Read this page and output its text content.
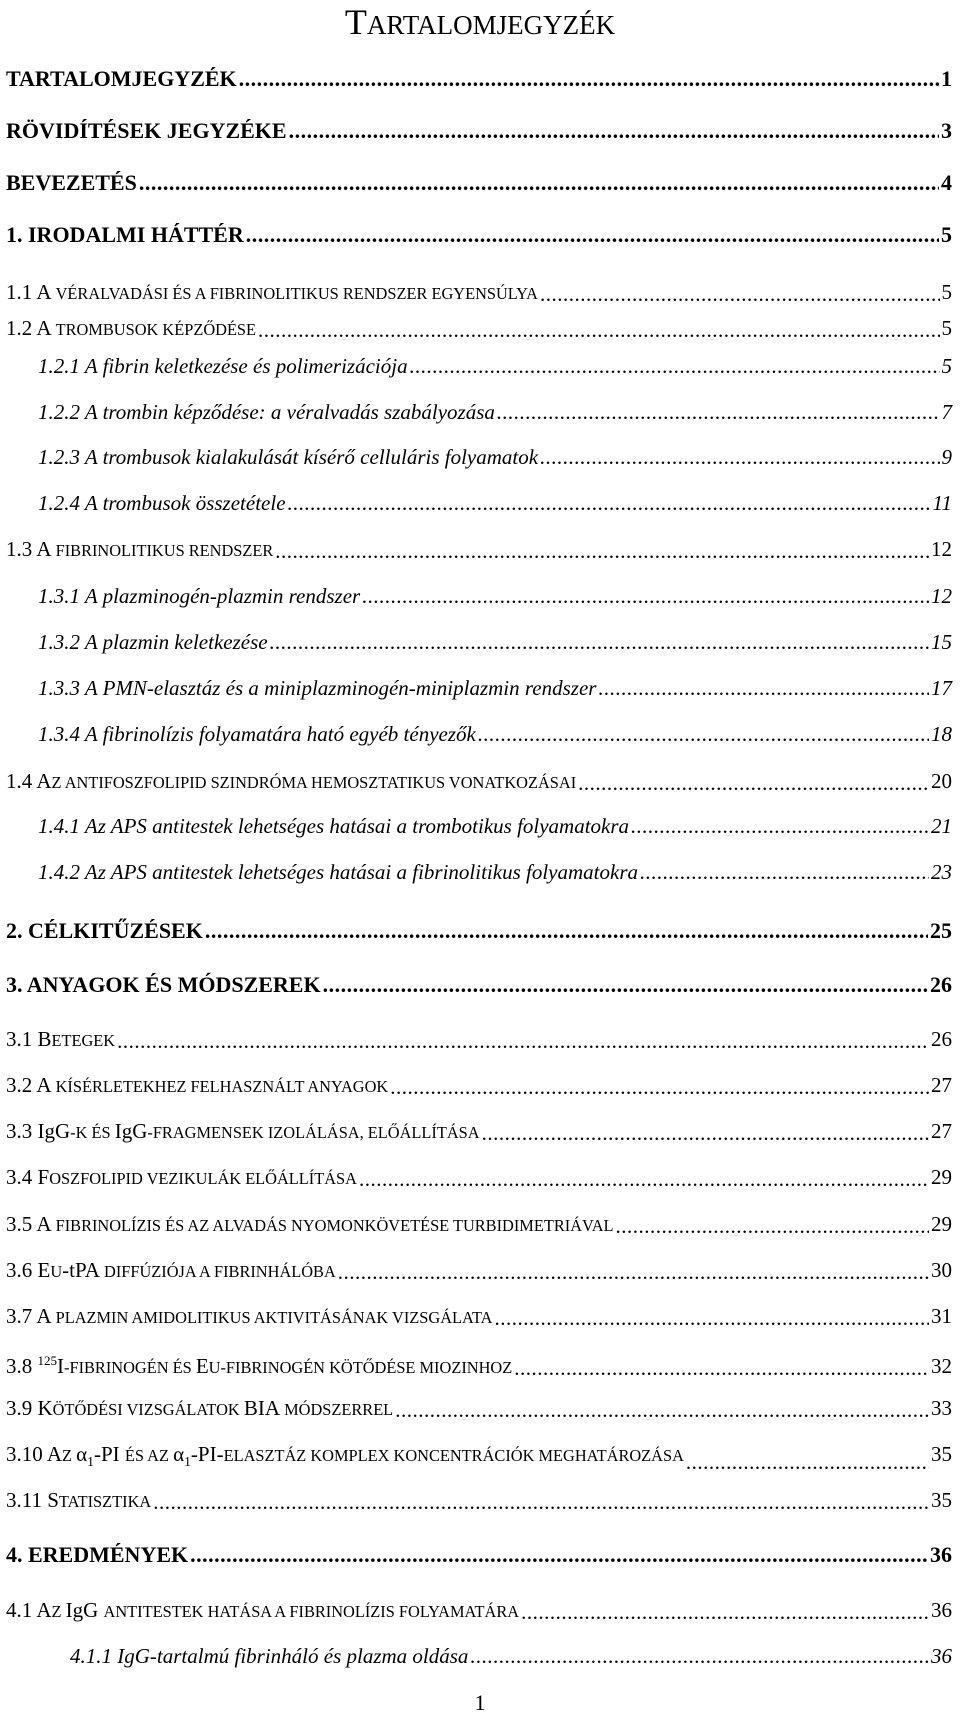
TARTALOMJEGYZÉK
TARTALOMJEGYZÉK .....	1
RÖVIDÍTÉSEK JEGYZÉKE .....	3
BEVEZETÉS .....	4
1. IRODALMI HÁTTÉR .....	5
1.1 A VÉRALVADÁSI ÉS A FIBRINOLITIKUS RENDSZER EGYENSÚLYA .....	5
1.2 A TROMBUSOK KÉPZŐDÉSE .....	5
1.2.1 A fibrin keletkezése és polimerizációja .....	5
1.2.2 A trombin képződése: a véralvadás szabályozása .....	7
1.2.3 A trombusok kialakulását kísérő celluláris folyamatok .....	9
1.2.4 A trombusok összetétele .....	11
1.3 A FIBRINOLITIKUS RENDSZER .....	12
1.3.1 A plazminogén-plazmin rendszer .....	12
1.3.2 A plazmin keletkezése .....	15
1.3.3 A PMN-elasztáz és a miniplazminogén-miniplazmin rendszer .....	17
1.3.4 A fibrinolízis folyamatára ható egyéb tényezők .....	18
1.4 AZ ANTIFOSZFOLIPID SZINDRÓMA HEMOSZTATIKUS VONATKOZÁSAI .....	20
1.4.1 Az APS antitestek lehetséges hatásai a trombotikus folyamatokra .....	21
1.4.2 Az APS antitestek lehetséges hatásai a fibrinolitikus folyamatokra .....	23
2. CÉLKITŰZÉSEK .....	25
3. ANYAGOK ÉS MÓDSZEREK .....	26
3.1 BETEGEK .....	26
3.2 A KÍSÉRLETEKHEZ FELHASZNÁLT ANYAGOK .....	27
3.3 IgG-K ÉS IgG-FRAGMENSEK IZOLÁLÁSA, ELŐÁLLÍTÁSA .....	27
3.4 FOSZFOLIPID VEZIKULÁK ELŐÁLLÍTÁSA .....	29
3.5 A FIBRINOLÍZIS ÉS AZ ALVADÁS NYOMONKÖVETÉSE TURBIDIMETRIÁVAL .....	29
3.6 EU-tPA DIFFÚZIÓJA A FIBRINHÁLÓBA .....	30
3.7 A PLAZMIN AMIDOLITIKUS AKTIVITÁSÁNAK VIZSGÁLATA .....	31
3.8 $^{125}$I-FIBRINOGÉN ÉS EU-FIBRINOGÉN KÖTŐDÉSE MIOZINHOZ .....	32
3.9 KÖTŐDÉSI VIZSGÁLATOK BIA MÓDSZERREL .....	33
3.10 AZ $\alpha_1-PI$ ÉS AZ $\alpha_1-PI$-ELASZTÁZ KOMPLEX KONCENTRÁCIÓK MEGHATÁROZÁSA .....	35
3.11 STATISZTIKA .....	35
4. EREDMÉNYEK .....	36
4.1 AZ IgG ANTITESTEK HATÁSA A FIBRINOLÍZIS FOLYAMATÁRA .....	36
4.1.1 IgG-tartalmú fibrinháló és plazma oldása .....	36
1
